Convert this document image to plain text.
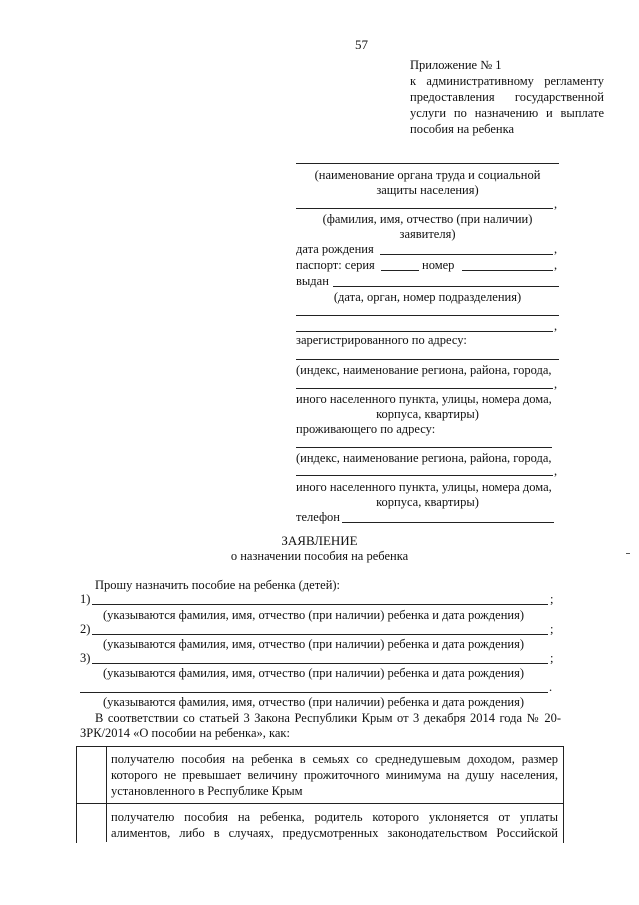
57
Приложение № 1
к административному регламенту
предоставления государственной
услуги по назначению и выплате
пособия на ребенка
(наименование органа труда и социальной
защиты населения)
,
(фамилия, имя, отчество (при наличии)
заявителя)
дата рождения	,
паспорт: серия	номер	,
выдан
(дата, орган, номер подразделения)
,
зарегистрированного по адресу:
(индекс, наименование региона, района, города,
,
иного населенного пункта, улицы, номера дома,
корпуса, квартиры)
проживающего по адресу:
(индекс, наименование региона, района, города,
,
иного населенного пункта, улицы, номера дома,
корпуса, квартиры)
телефон
ЗАЯВЛЕНИЕ
о назначении пособия на ребенка
Прошу назначить пособие на ребенка (детей):
1)	;
(указываются фамилия, имя, отчество (при наличии) ребенка и дата рождения)
2)	;
(указываются фамилия, имя, отчество (при наличии) ребенка и дата рождения)
3)	;
(указываются фамилия, имя, отчество (при наличии) ребенка и дата рождения)
.
(указываются фамилия, имя, отчество (при наличии) ребенка и дата рождения)
В соответствии со статьей 3 Закона Республики Крым от 3 декабря 2014 года № 20-
ЗРК/2014 «О пособии на ребенка», как:
получателю пособия на ребенка в семьях со среднедушевым доходом, размер
которого не превышает величину прожиточного минимума на душу населения,
установленного в Республике Крым
получателю пособия на ребенка, родитель которого уклоняется от уплаты
алиментов, либо в случаях, предусмотренных законодательством Российской
